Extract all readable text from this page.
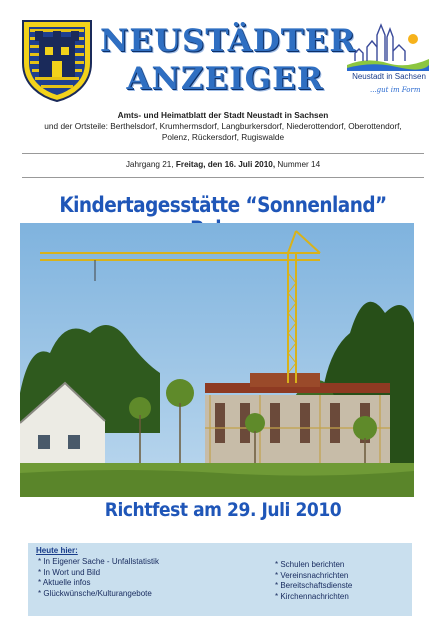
NEUSTÄDTER
ANZEIGER	Neustadt in Sachsen
...gut im Form
Amts- und Heimatblatt der Stadt Neustadt in Sachsen
und der Ortsteile: Berthelsdorf, Krumhermsdorf, Langburkersdorf, Niederottendorf, Oberottendorf,
Polenz, Rückersdorf, Rugiswalde
Jahrgang 21, Freitag, den 16. Juli 2010, Nummer 14
Kindertagesstätte “Sonnenland”
Richtfest am 29. Juli 2010
Heute hier:
* In Eigener Sache - Unfallstatistik
* In Wort und Bild
* Aktuelle infos
* Glückwünsche/Kulturangebote
* Schulen berichten
* Vereinsnachrichten
* Bereitschaftsdienste
* Kirchennachrichten
